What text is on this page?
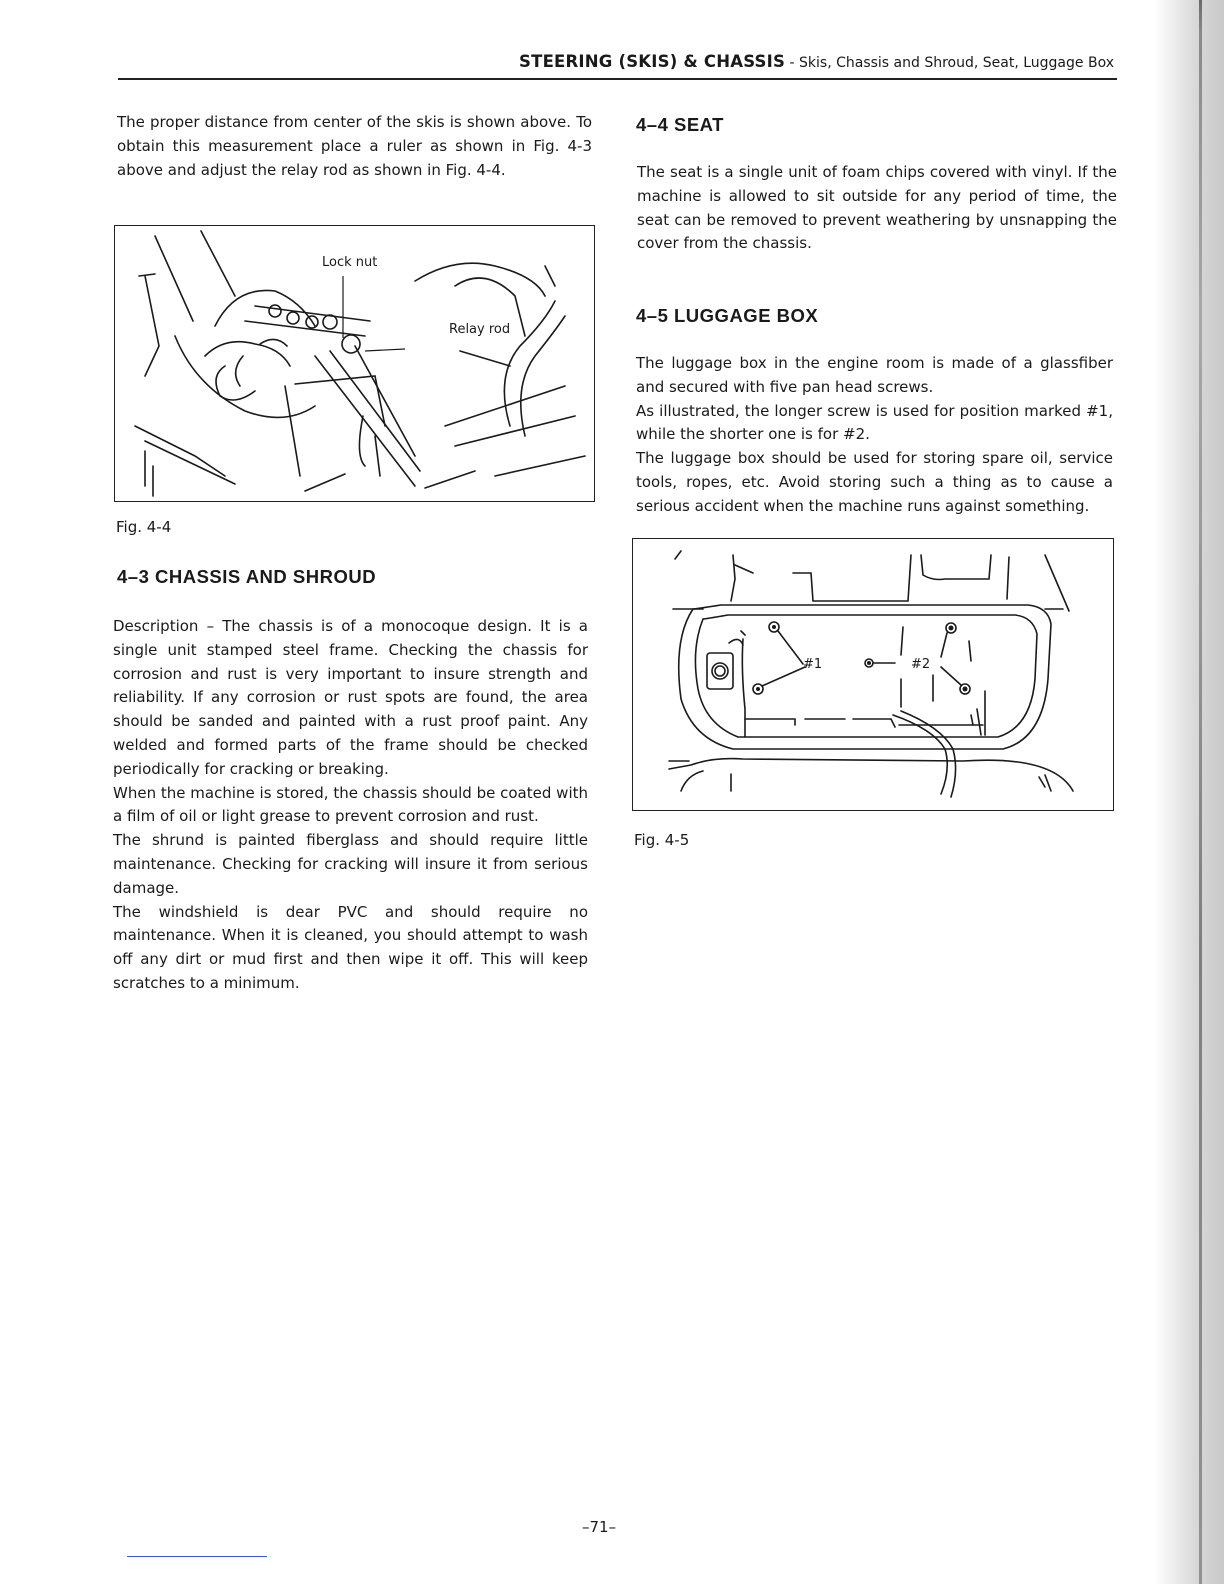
STEERING (SKIS) & CHASSIS - Skis, Chassis and Shroud, Seat, Luggage Box

The proper distance from center of the skis is shown above. To obtain this measurement place a ruler as shown in Fig. 4-3 above and adjust the relay rod as shown in Fig. 4-4.

Lock nut
Relay rod
Fig. 4-4
4–3 CHASSIS AND SHROUD

Description – The chassis is of a monocoque design. It is a single unit stamped steel frame. Checking the chassis for corrosion and rust is very important to insure strength and reliability. If any corrosion or rust spots are found, the area should be sanded and painted with a rust proof paint. Any welded and formed parts of the frame should be checked periodically for cracking or breaking.

When the machine is stored, the chassis should be coated with a film of oil or light grease to prevent corrosion and rust.

The shrund is painted fiberglass and should require little maintenance. Checking for cracking will insure it from serious damage.

The windshield is dear PVC and should require no maintenance. When it is cleaned, you should attempt to wash off any dirt or mud first and then wipe it off. This will keep scratches to a minimum.

4–4 SEAT

The seat is a single unit of foam chips covered with vinyl. If the machine is allowed to sit outside for any period of time, the seat can be removed to prevent weathering by unsnapping the cover from the chassis.

4–5 LUGGAGE BOX

The luggage box in the engine room is made of a glassfiber and secured with five pan head screws.

As illustrated, the longer screw is used for position marked #1, while the shorter one is for #2.

The luggage box should be used for storing spare oil, service tools, ropes, etc. Avoid storing such a thing as to cause a serious accident when the machine runs against something.

#1	#2
Fig. 4-5
–71–
